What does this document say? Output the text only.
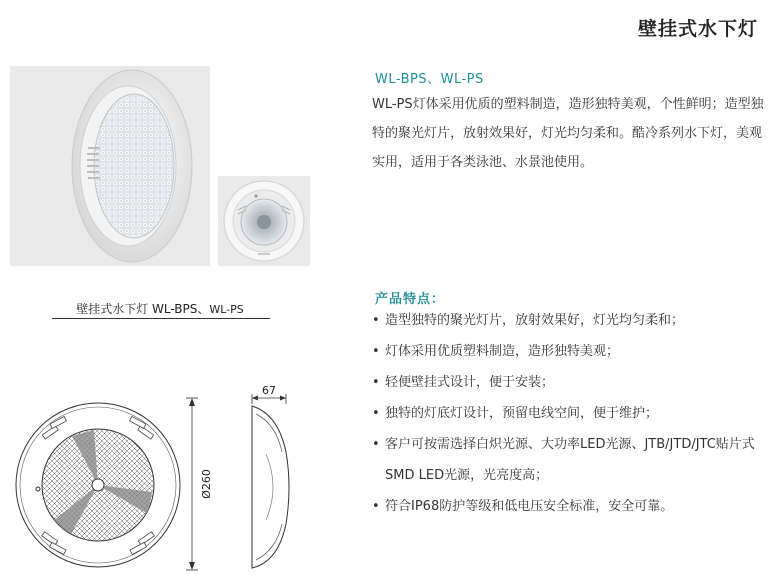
壁挂式水下灯
壁挂式水下灯 WL-BPS、WL-PS
WL-BPS、WL-PS
WL-PS灯体采用优质的塑料制造，造形独特美观，个性鲜明；造型独特的聚光灯片，放射效果好，灯光均匀柔和。酷冷系列水下灯，美观实用，适用于各类泳池、水景池使用。
产品特点：
• 造型独特的聚光灯片，放射效果好，灯光均匀柔和；
• 灯体采用优质塑料制造，造形独特美观；
• 轻便壁挂式设计，便于安装；
• 独特的灯底灯设计，预留电线空间，便于维护；
• 客户可按需选择白炽光源、大功率LED光源、JTB/JTD/JTC贴片式SMD LED光源，光亮度高；
• 符合IP68防护等级和低电压安全标准，安全可靠。
Ø260
67
